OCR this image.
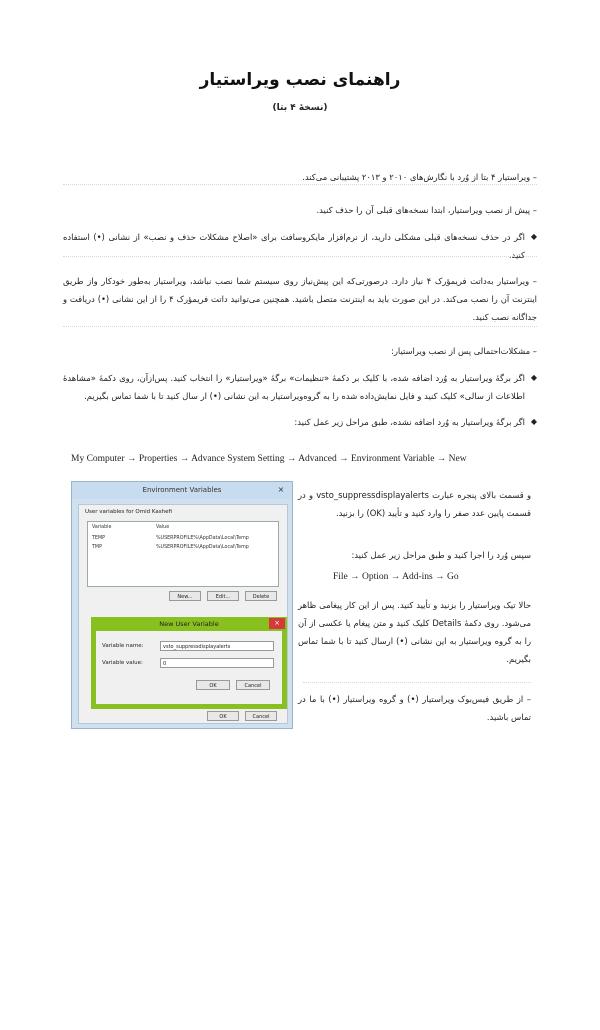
راهنمای نصب ویراستیار
(نسخهٔ ۴ بتا)

– ویراستیار ۴ بتا از وُرد با نگارش‌های ۲۰۱۰ و ۲۰۱۳ پشتیبانی می‌کند.

– پیش از نصب ویراستیار، ابتدا نسخه‌های قبلی آن را حذف کنید.

◆
اگر در حذف نسخه‌های قبلی مشکلی دارید، از نرم‌افزار مایکروسافت برای «اصلاح مشکلات حذف و نصب» از نشانی (•) استفاده کنید.

– ویراستیار به‌داتت فریمؤرک ۴ نیاز دارد. درصورتی‌که این پیش‌نیاز روی سیستم شما نصب نباشد، ویراستیار به‌طور خودکار واز طریق اینترنت آن را نصب می‌کند. در این صورت باید به اینترنت متصل باشید. همچنین می‌توانید داتت فریمؤرک ۴ را از این نشانی (•) دریافت و جداگانه نصب کنید.

– مشکلات‌احتمالی پس از نصب ویراستیار:

◆
اگر برگهٔ ویراستیار به وُرد اضافه شده، با کلیک بر دکمهٔ «تنظیمات» برگهٔ «ویراستیار» را انتخاب کنید. پس‌ازآن، روی دکمهٔ «مشاهدهٔ اطلاعات از سالی» کلیک کنید و فایل نمایش‌داده شده را به گروه‌ویراستیار به این نشانی (•) ار سال کنید تا با شما تماس بگیریم.
◆
اگر برگهٔ ویراستیار به وُرد اضافه نشده، طبق مراحل زیر عمل کنید:
My Computer → Properties → Advance System Setting → Advanced → Environment Variable → New
Environment Variables	×
User variables for Omid Kashefi
Variable	Value
TEMP	%USERPROFILE%\AppData\Local\Temp
TMP	%USERPROFILE%\AppData\Local\Temp
New...	Edit...	Delete
New User Variable	×
Variable name:	vsto_suppressdisplayalerts
Variable value:	0
OK	Cancel
OK	Cancel
و قسمت بالای پنجره عبارت vsto_suppressdisplayalerts و در قسمت پایین عدد صفر را وارد کنید و تأیید (OK) را بزنید.
سپس وُرد را اجرا کنید و طبق مراحل زیر عمل کنید:
File → Option → Add-ins → Go
حالا تیک ویراستیار را بزنید و تأیید کنید. پس از این کار پیغامی ظاهر می‌شود. روی دکمهٔ Details کلیک کنید و متن پیغام یا عکسی از آن را به گروه ویراستیار به این نشانی (•) ارسال کنید تا با شما تماس بگیریم.
– از طریق فیس‌بوک ویراستیار (•) و گروه ویراستیار (•) با ما در تماس باشید.
